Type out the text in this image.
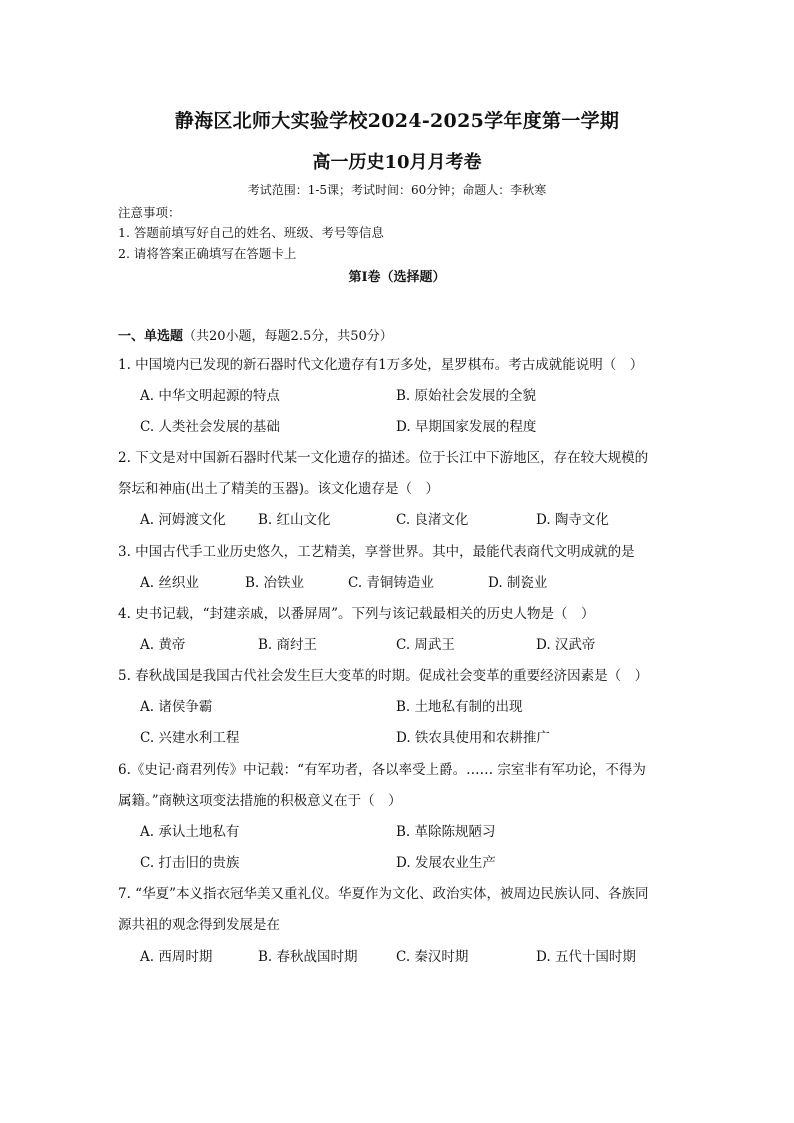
静海区北师大实验学校2024-2025学年度第一学期
高一历史10月月考卷
考试范围：1-5课；考试时间：60分钟；命题人：李秋寒
注意事项：
1. 答题前填写好自己的姓名、班级、考号等信息
2. 请将答案正确填写在答题卡上
第Ⅰ卷（选择题）
一、单选题（共20小题，每题2.5分，共50分）
1. 中国境内已发现的新石器时代文化遗存有1万多处，星罗棋布。考古成就能说明（　）
A. 中华文明起源的特点	B. 原始社会发展的全貌
C. 人类社会发展的基础	D. 早期国家发展的程度
2. 下文是对中国新石器时代某一文化遗存的描述。位于长江中下游地区，存在较大规模的
祭坛和神庙(出土了精美的玉器)。该文化遗存是（　）
A. 河姆渡文化 B. 红山文化	C. 良渚文化	D. 陶寺文化
3. 中国古代手工业历史悠久，工艺精美，享誉世界。其中，最能代表商代文明成就的是
A. 丝织业	B. 冶铁业	C. 青铜铸造业	D. 制瓷业
4. 史书记载，“封建亲戚，以番屏周”。下列与该记载最相关的历史人物是（　）
A. 黄帝	B. 商纣王	C. 周武王	D. 汉武帝
5. 春秋战国是我国古代社会发生巨大变革的时期。促成社会变革的重要经济因素是（　）
A. 诸侯争霸	B. 土地私有制的出现
C. 兴建水利工程	D. 铁农具使用和农耕推广
6.《史记·商君列传》中记载：“有军功者，各以率受上爵。…… 宗室非有军功论，不得为
属籍。”商鞅这项变法措施的积极意义在于（　）
A. 承认土地私有	B. 革除陈规陋习
C. 打击旧的贵族	D. 发展农业生产
7. “华夏”本义指衣冠华美又重礼仪。华夏作为文化、政治实体，被周边民族认同、各族同
源共祖的观念得到发展是在
A. 西周时期	B. 春秋战国时期	C. 秦汉时期	D. 五代十国时期
